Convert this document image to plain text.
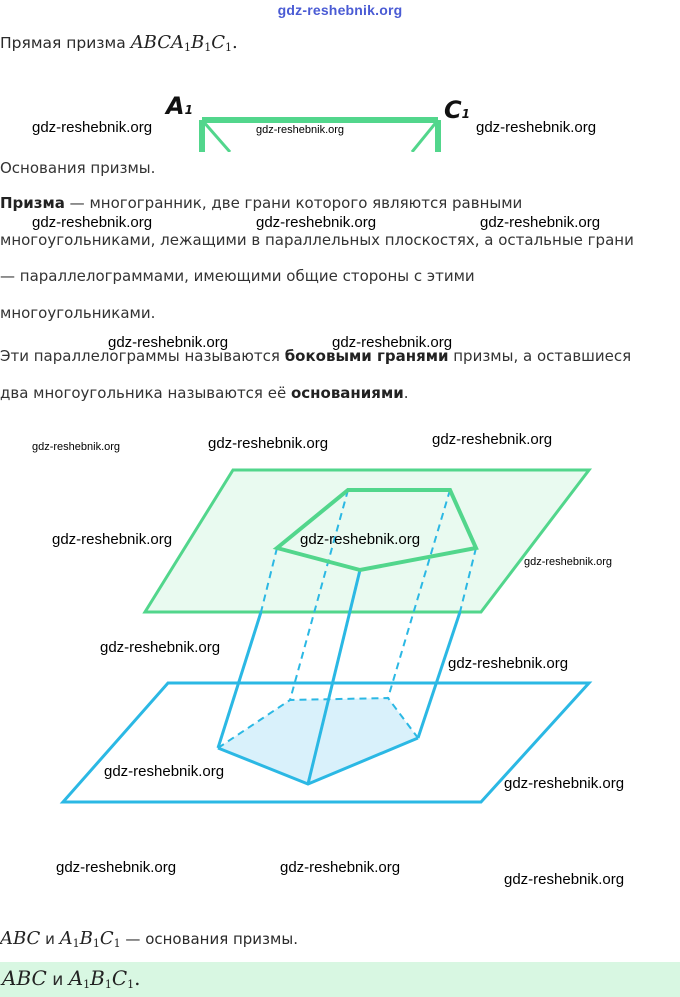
gdz-reshebnik.org
Прямая призма $ABCA_1B_1C_1$.
A1	C1
Основания призмы.
Призма — многогранник, две грани которого являются равными
многоугольниками, лежащими в параллельных плоскостях, а остальные грани
— параллелограммами, имеющими общие стороны с этими
многоугольниками.
Эти параллелограммы называются боковыми гранями призмы, а оставшиеся
два многоугольника называются её основаниями.
ABC и $A_1B_1C_1$ — основания призмы.
ABC и $A_1B_1C_1$.
gdz-reshebnik.org	gdz-reshebnik.org	gdz-reshebnik.org
gdz-reshebnik.org	gdz-reshebnik.org	gdz-reshebnik.org
gdz-reshebnik.org	gdz-reshebnik.org
gdz-reshebnik.org	gdz-reshebnik.org	gdz-reshebnik.org
gdz-reshebnik.org	gdz-reshebnik.org
gdz-reshebnik.org
gdz-reshebnik.org
gdz-reshebnik.org
gdz-reshebnik.org
gdz-reshebnik.org
gdz-reshebnik.org	gdz-reshebnik.org
gdz-reshebnik.org
